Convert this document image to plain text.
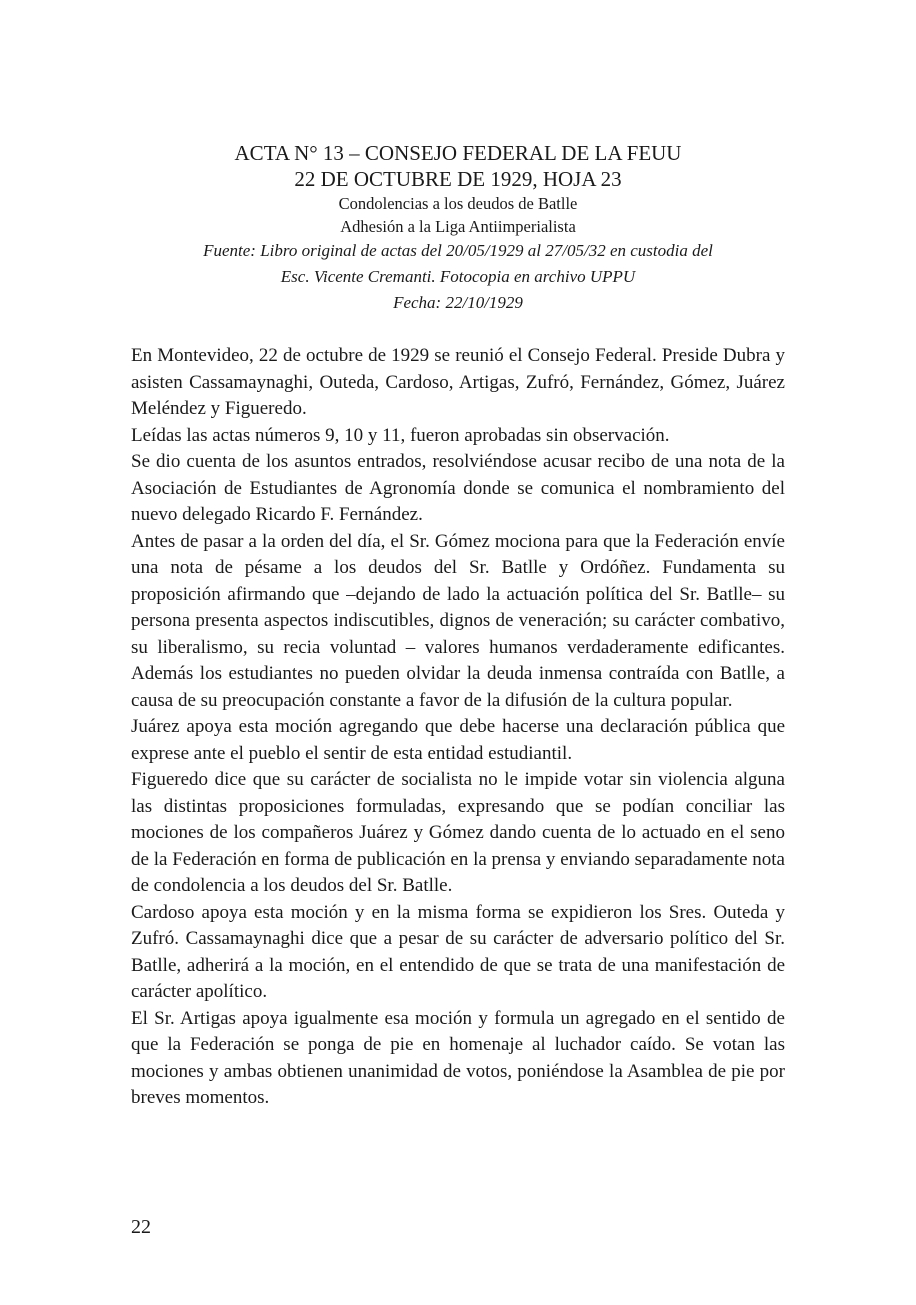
ACTA N° 13 – CONSEJO FEDERAL DE LA FEUU
22 DE OCTUBRE DE 1929, HOJA 23
Condolencias a los deudos de Batlle
Adhesión a la Liga Antiimperialista
Fuente: Libro original de actas del 20/05/1929 al 27/05/32 en custodia del
Esc. Vicente Cremanti. Fotocopia en archivo UPPU
Fecha: 22/10/1929

En Montevideo, 22 de octubre de 1929 se reunió el Consejo Federal. Preside Dubra y asisten Cassamaynaghi, Outeda, Cardoso, Artigas, Zufró, Fernández, Gómez, Juárez Meléndez y Figueredo.

Leídas las actas números 9, 10 y 11, fueron aprobadas sin observación.

Se dio cuenta de los asuntos entrados, resolviéndose acusar recibo de una nota de la Asociación de Estudiantes de Agronomía donde se comunica el nombramiento del nuevo delegado Ricardo F. Fernández.

Antes de pasar a la orden del día, el Sr. Gómez mociona para que la Federación envíe una nota de pésame a los deudos del Sr. Batlle y Ordóñez. Fundamenta su proposición afirmando que –dejando de lado la actuación política del Sr. Batlle– su persona presenta aspectos indiscutibles, dignos de veneración; su carácter combativo, su liberalismo, su recia voluntad – valores humanos verdaderamente edificantes. Además los estudiantes no pueden olvidar la deuda inmensa contraída con Batlle, a causa de su preocupación constante a favor de la difusión de la cultura popular.

Juárez apoya esta moción agregando que debe hacerse una declaración pública que exprese ante el pueblo el sentir de esta entidad estudiantil.

Figueredo dice que su carácter de socialista no le impide votar sin violencia alguna las distintas proposiciones formuladas, expresando que se podían conciliar las mociones de los compañeros Juárez y Gómez dando cuenta de lo actuado en el seno de la Federación en forma de publicación en la prensa y enviando separadamente nota de condolencia a los deudos del Sr. Batlle.

Cardoso apoya esta moción y en la misma forma se expidieron los Sres. Outeda y Zufró. Cassamaynaghi dice que a pesar de su carácter de adversario político del Sr. Batlle, adherirá a la moción, en el entendido de que se trata de una manifestación de carácter apolítico.

El Sr. Artigas apoya igualmente esa moción y formula un agregado en el sentido de que la Federación se ponga de pie en homenaje al luchador caído. Se votan las mociones y ambas obtienen unanimidad de votos, poniéndose la Asamblea de pie por breves momentos.

22
